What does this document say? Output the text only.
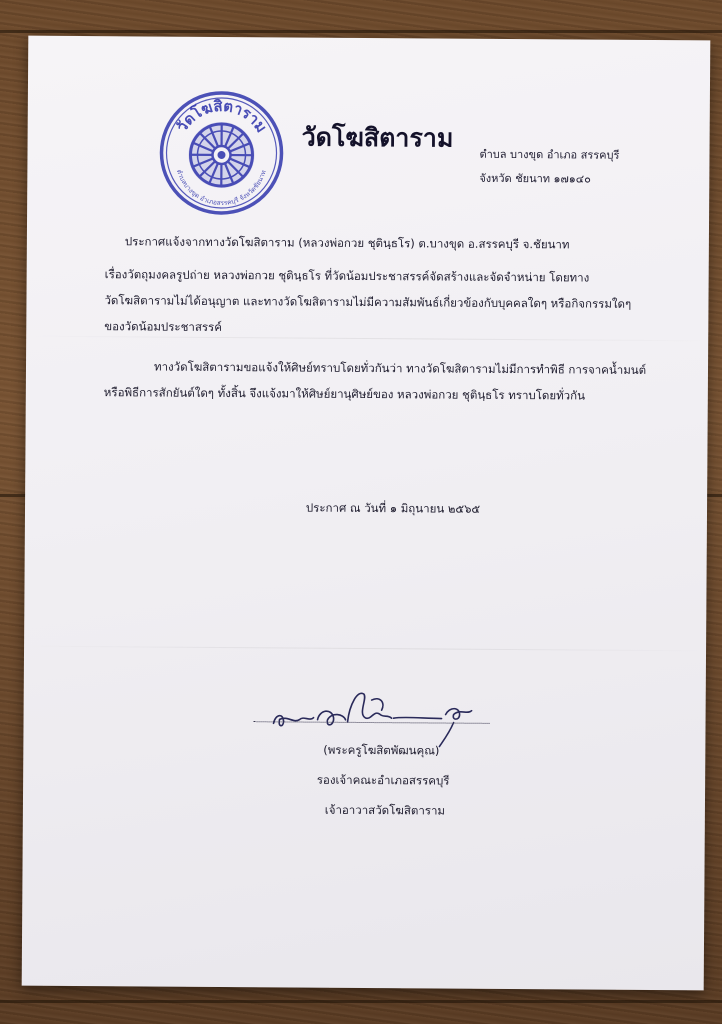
วัดโฆสิตาราม
ตำบลบางขุด อำเภอสรรคบุรี จังหวัดชัยนาท
วัดโฆสิตาราม
ตำบล บางขุด อำเภอ สรรคบุรี
จังหวัด ชัยนาท ๑๗๑๔๐
ประกาศแจ้งจากทางวัดโฆสิตาราม (หลวงพ่อกวย ชุตินฺธโร) ต.บางขุด อ.สรรคบุรี จ.ชัยนาท
เรื่องวัตถุมงคลรูปถ่าย หลวงพ่อกวย ชุตินฺธโร ที่วัดน้อมประชาสรรค์จัดสร้างและจัดจำหน่าย โดยทาง
วัดโฆสิตารามไม่ได้อนุญาต และทางวัดโฆสิตารามไม่มีความสัมพันธ์เกี่ยวข้องกับบุคคลใดๆ หรือกิจกรรมใดๆ
ของวัดน้อมประชาสรรค์
ทางวัดโฆสิตารามขอแจ้งให้ศิษย์ทราบโดยทั่วกันว่า ทางวัดโฆสิตารามไม่มีการทำพิธี การจาคน้ำมนต์
หรือพิธีการสักยันต์ใดๆ ทั้งสิ้น จึงแจ้งมาให้ศิษย์ยานุศิษย์ของ หลวงพ่อกวย ชุตินฺธโร ทราบโดยทั่วกัน
ประกาศ ณ วันที่ ๑ มิถุนายน ๒๕๖๕
(พระครูโฆสิตพัฒนคุณ)
รองเจ้าคณะอำเภอสรรคบุรี
เจ้าอาวาสวัดโฆสิตาราม
